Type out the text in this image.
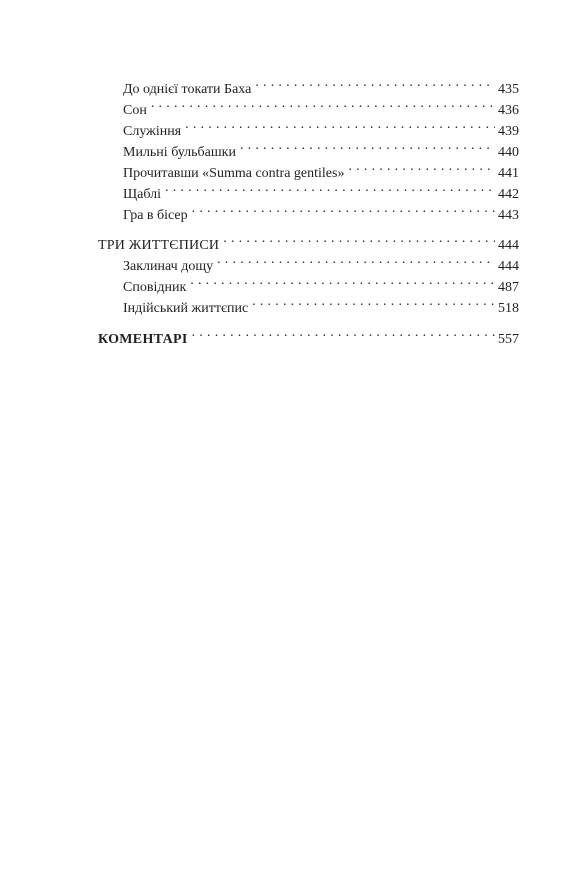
До однієї токати Баха . . .	435
Сон . . .	436
Служіння . . .	439
Мильні бульбашки . . .	440
Прочитавши «Summa contra gentiles» . . .	441
Щаблі . . .	442
Гра в бісер . . .	443
ТРИ ЖИТТЄПИСИ . . .	444
Заклинач дощу . . .	444
Сповідник . . .	487
Індійський життєпис . . .	518
КОМЕНТАРІ . . .	557
